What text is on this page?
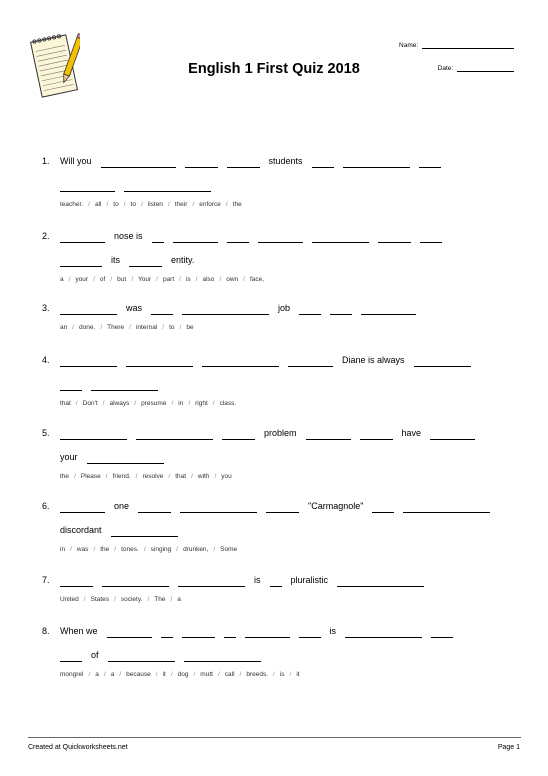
Name:
Date:
English 1 First Quiz 2018
1. Will you	students
teacher. / all / to / to / listen / their / enforce / the
2.	nose is
its	entity.
a / your / of / but / Your / part / is / also / own / face,
3.	was	job
an / done. / There / internal / to / be
4.	Diane is always
that / Don't / always / presume / in / right / class.
5.	problem	have
your
the / Please / friend. / resolve / that / with / you
6.	one	"Carmagnole"
discordant
in / was / the / tones. / singing / drunken, / Some
7.	is	pluralistic
United / States / society. / The / a
8. When we	is
of
mongrel / a / a / because / it / dog / mutt / call / breeds. / is / it
Created at Quickworksheets.net	Page 1
